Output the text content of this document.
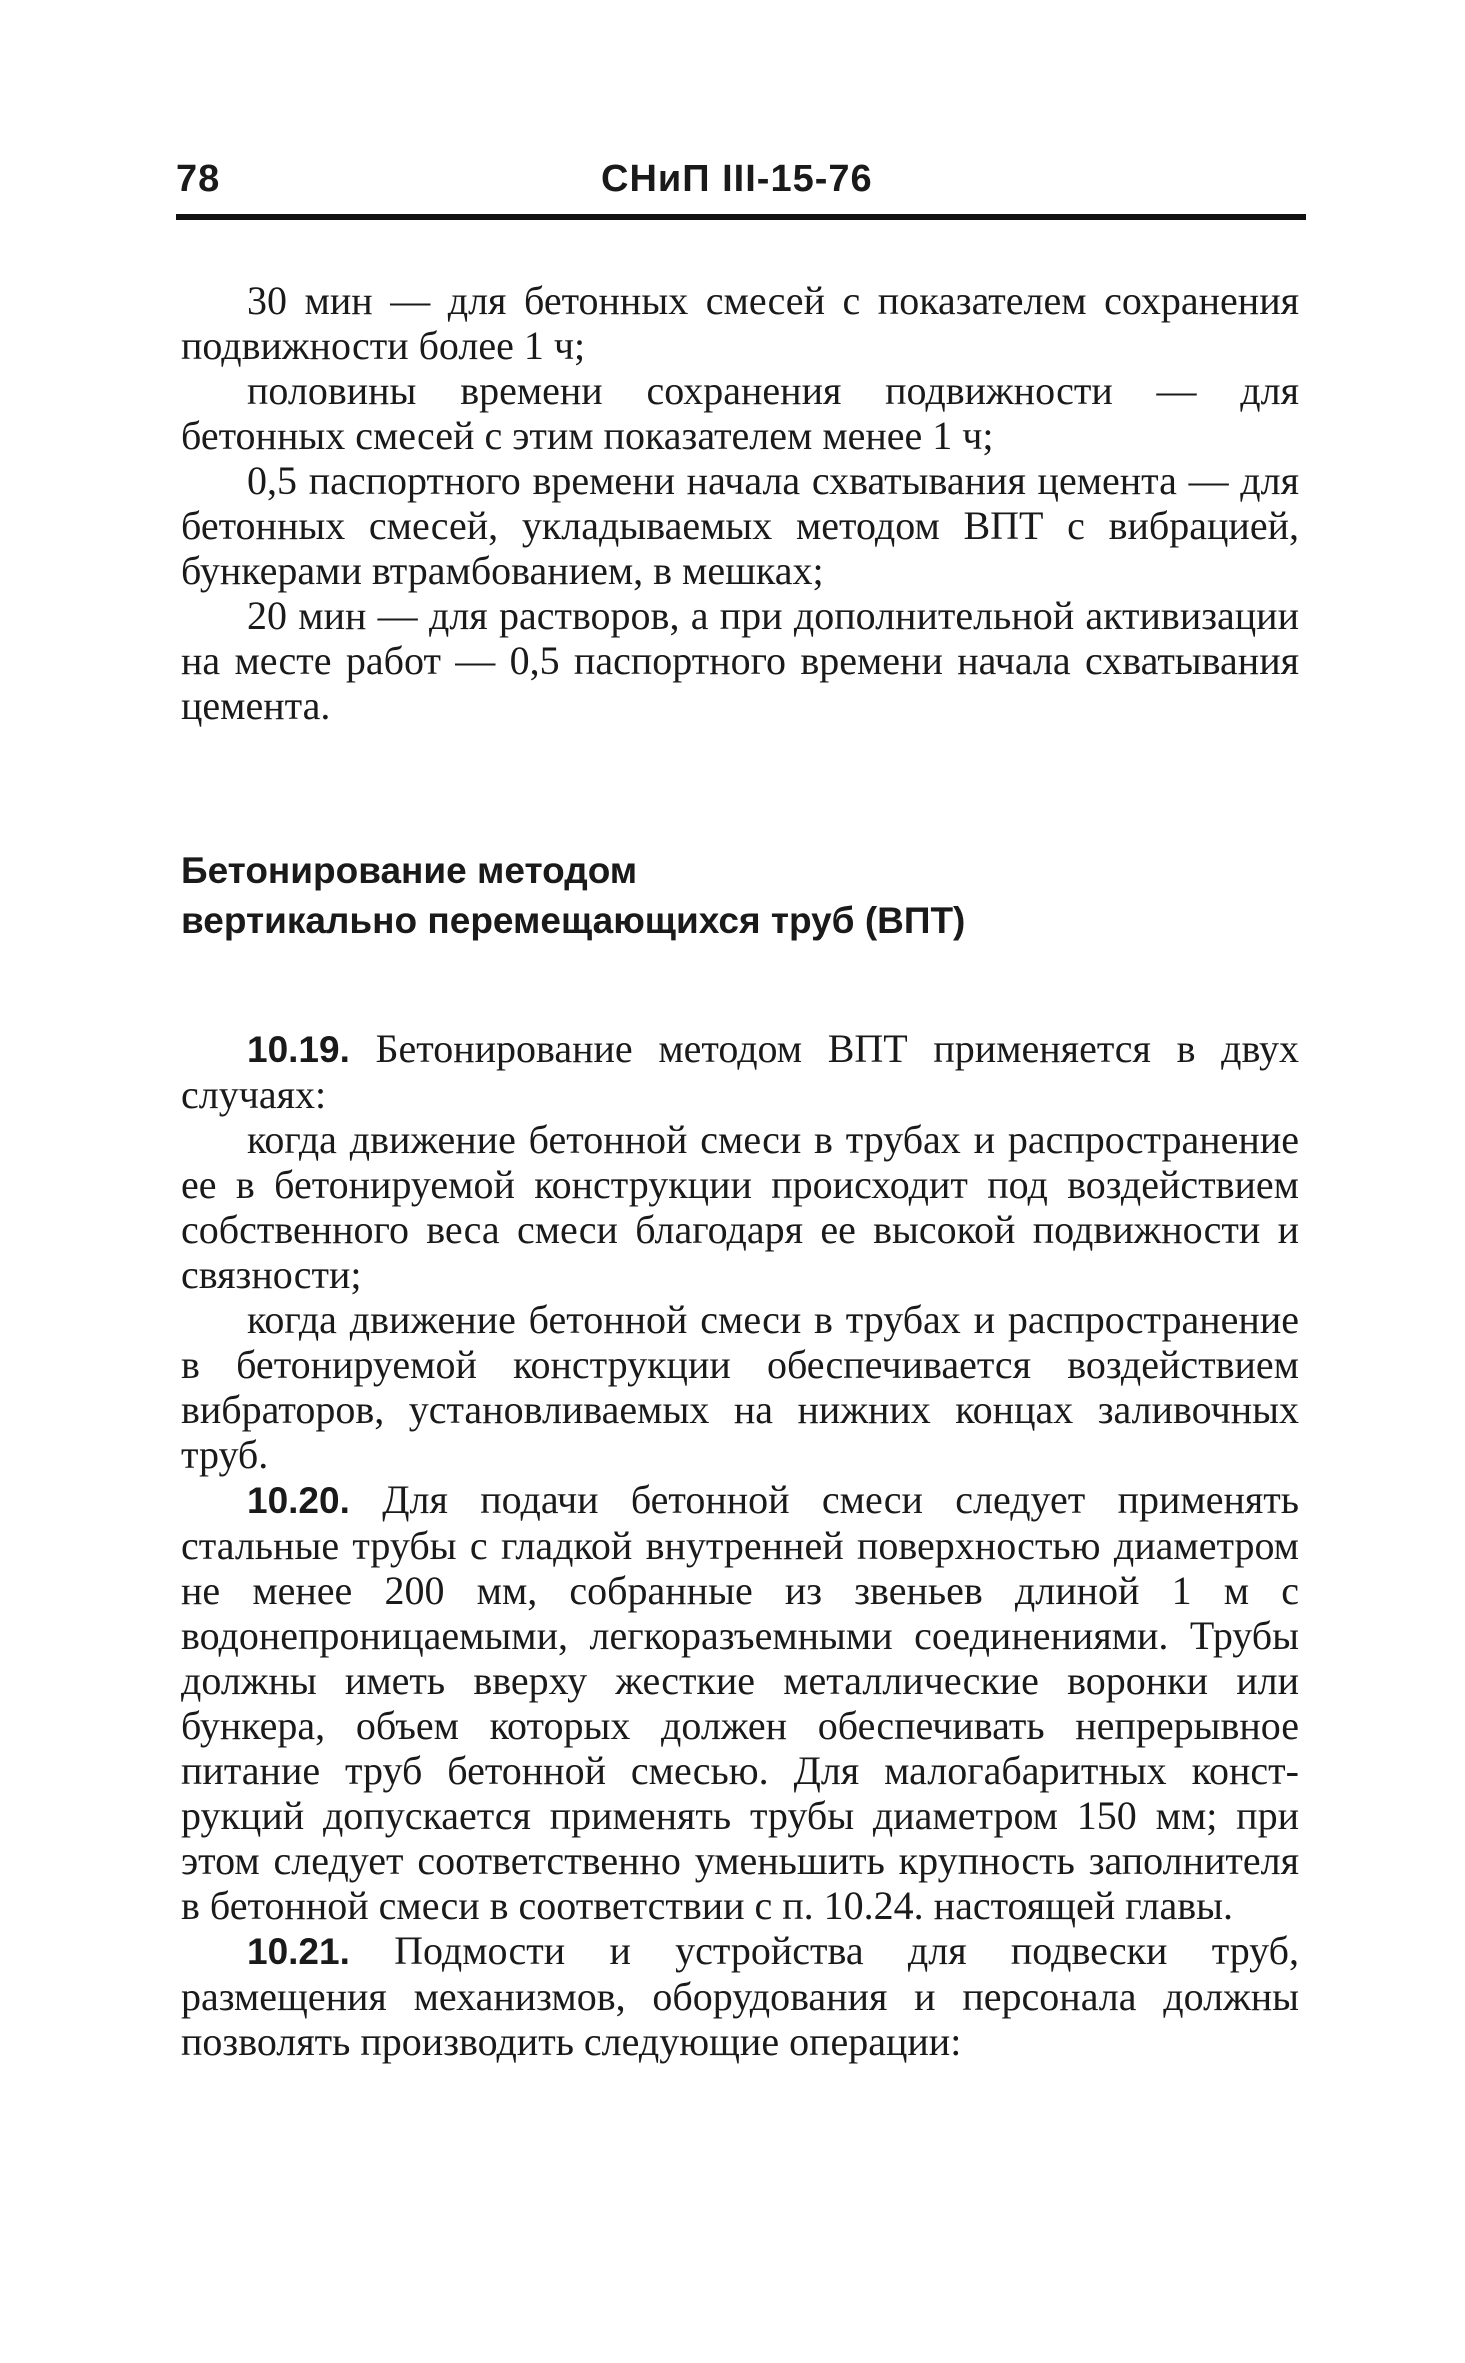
78	СНиП III-15-76

30 мин — для бетонных смесей с показателем сохранения подвижности более 1 ч;

половины времени сохранения подвижности — для бетонных смесей с этим показателем менее 1 ч;

0,5 паспортного времени начала схватывания цемента — для бетонных смесей, укладываемых методом ВПТ с вибрацией, бункерами втрамбованием, в мешках;

20 мин — для растворов, а при дополнительной активизации на месте работ — 0,5 паспортного времени начала схватывания цемента.

Бетонирование методом
вертикально перемещающихся труб (ВПТ)

10.19. Бетонирование методом ВПТ применяется в двух случаях:

когда движение бетонной смеси в трубах и распространение ее в бетонируемой конструкции происходит под воздействием собственного веса смеси благодаря ее высокой подвижности и связности;

когда движение бетонной смеси в трубах и распространение в бетонируемой конструкции обеспечивается воздействием вибраторов, установливаемых на нижних концах заливочных труб.

10.20. Для подачи бетонной смеси следует применять стальные трубы с гладкой внутренней поверхностью диаметром не менее 200 мм, собранные из звеньев длиной 1 м с водонепроницаемыми, легкоразъемными соединениями. Трубы должны иметь вверху жесткие металлические воронки или бункера, объем которых должен обеспечивать непрерывное питание труб бетонной смесью. Для малогабаритных конструкций допускается применять трубы диаметром 150 мм; при этом следует соответственно уменьшить крупность заполнителя в бетонной смеси в соответствии с п. 10.24. настоящей главы.

10.21. Подмости и устройства для подвески труб, размещения механизмов, оборудования и персонала должны позволять производить следующие операции:
